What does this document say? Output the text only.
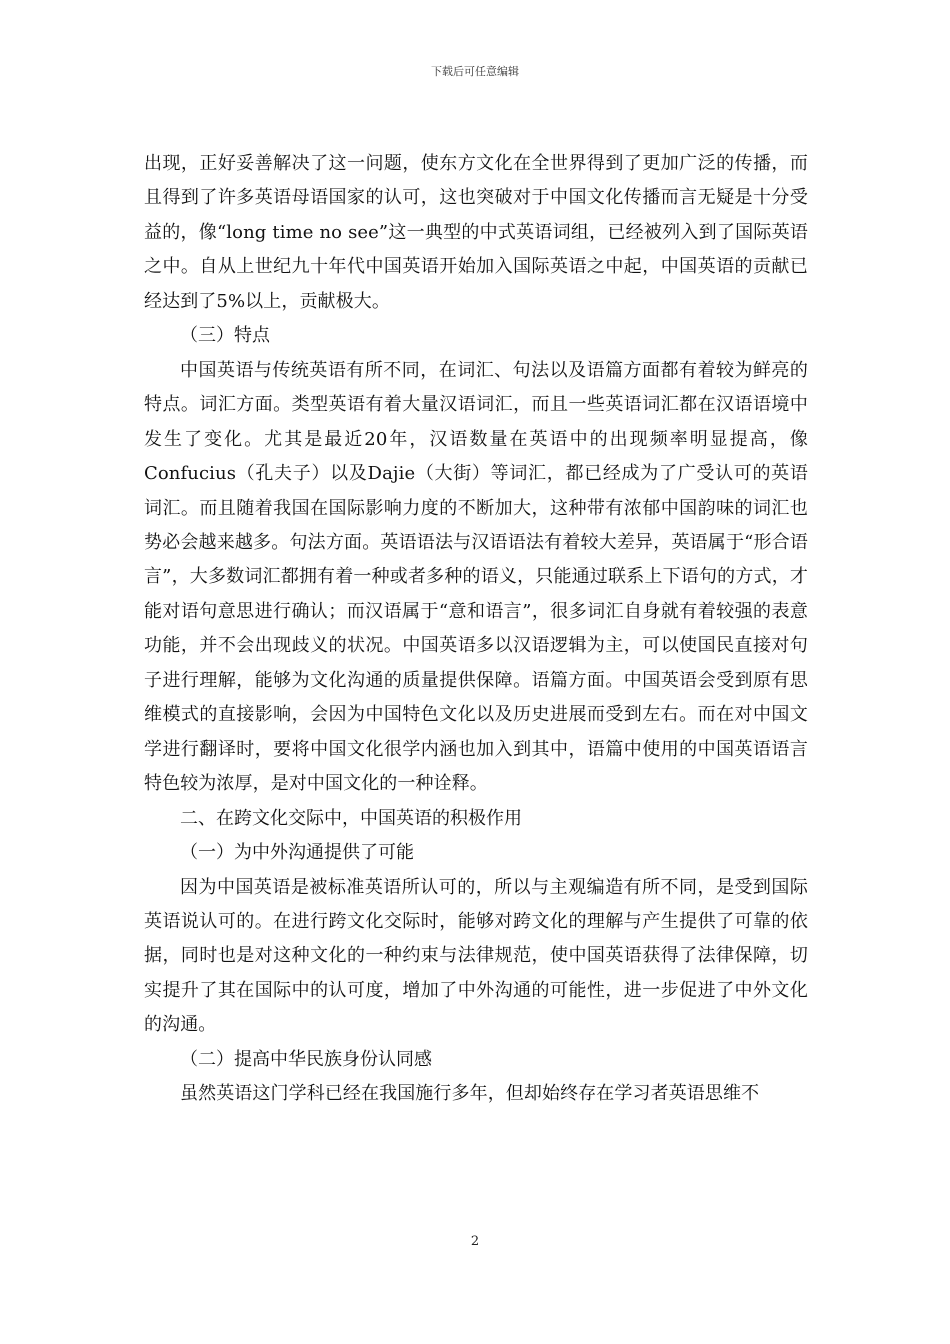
下载后可任意编辑

出现，正好妥善解决了这一问题，使东方文化在全世界得到了更加广泛的传播，而且得到了许多英语母语国家的认可，这也突破对于中国文化传播而言无疑是十分受益的，像“long time no see”这一典型的中式英语词组，已经被列入到了国际英语之中。自从上世纪九十年代中国英语开始加入国际英语之中起，中国英语的贡献已经达到了5%以上，贡献极大。

（三）特点

中国英语与传统英语有所不同，在词汇、句法以及语篇方面都有着较为鲜亮的特点。词汇方面。类型英语有着大量汉语词汇，而且一些英语词汇都在汉语语境中发生了变化。尤其是最近20年，汉语数量在英语中的出现频率明显提高，像Confucius（孔夫子）以及Dajie（大街）等词汇，都已经成为了广受认可的英语词汇。而且随着我国在国际影响力度的不断加大，这种带有浓郁中国韵味的词汇也势必会越来越多。句法方面。英语语法与汉语语法有着较大差异，英语属于“形合语言”，大多数词汇都拥有着一种或者多种的语义，只能通过联系上下语句的方式，才能对语句意思进行确认；而汉语属于“意和语言”，很多词汇自身就有着较强的表意功能，并不会出现歧义的状况。中国英语多以汉语逻辑为主，可以使国民直接对句子进行理解，能够为文化沟通的质量提供保障。语篇方面。中国英语会受到原有思维模式的直接影响，会因为中国特色文化以及历史进展而受到左右。而在对中国文学进行翻译时，要将中国文化很学内涵也加入到其中，语篇中使用的中国英语语言特色较为浓厚，是对中国文化的一种诠释。

二、在跨文化交际中，中国英语的积极作用

（一）为中外沟通提供了可能

因为中国英语是被标准英语所认可的，所以与主观编造有所不同，是受到国际英语说认可的。在进行跨文化交际时，能够对跨文化的理解与产生提供了可靠的依据，同时也是对这种文化的一种约束与法律规范，使中国英语获得了法律保障，切实提升了其在国际中的认可度，增加了中外沟通的可能性，进一步促进了中外文化的沟通。

（二）提高中华民族身份认同感

虽然英语这门学科已经在我国施行多年，但却始终存在学习者英语思维不

2
